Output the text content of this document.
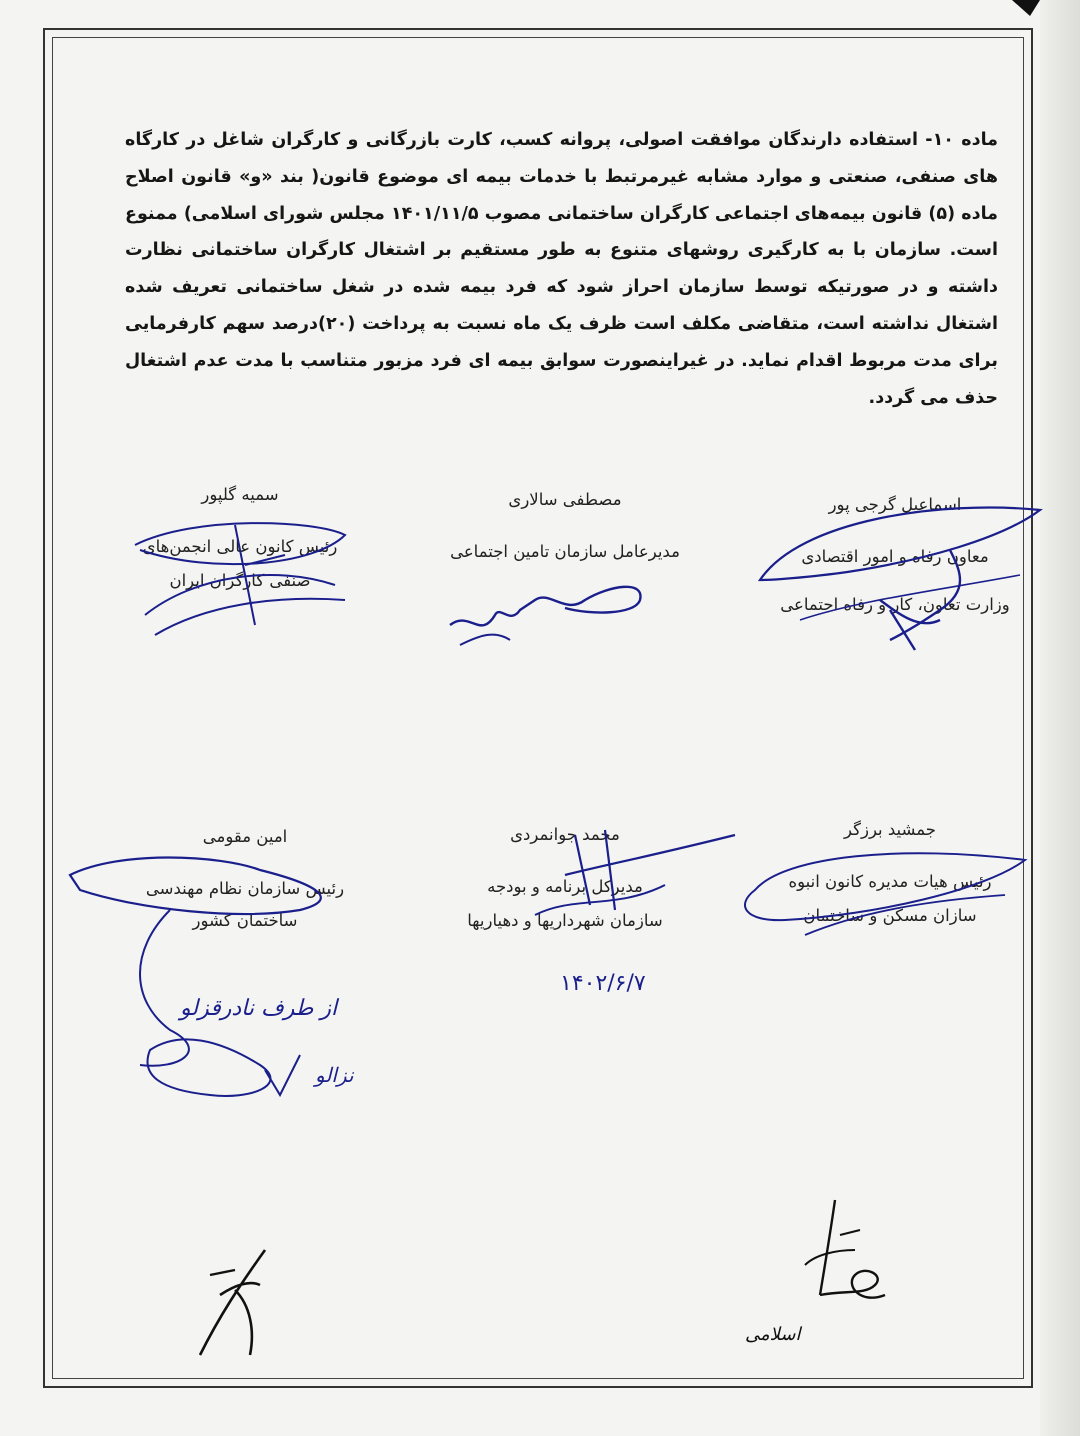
ماده ۱۰- استفاده دارندگان موافقت اصولی، پروانه کسب، کارت بازرگانی و کارگران شاغل در کارگاه های صنفی، صنعتی و موارد مشابه غیرمرتبط با خدمات بیمه ای موضوع قانون( بند «و» قانون اصلاح ماده (۵) قانون بیمه‌های اجتماعی کارگران ساختمانی مصوب ۱۴۰۱/۱۱/۵ مجلس شورای اسلامی) ممنوع است. سازمان با به کارگیری روشهای متنوع به طور مستقیم بر اشتغال کارگران ساختمانی نظارت داشته و در صورتیکه توسط سازمان احراز شود که فرد بیمه شده در شغل ساختمانی تعریف شده اشتغال نداشته است، متقاضی مکلف است ظرف یک ماه نسبت به پرداخت (۲۰)درصد سهم کارفرمایی برای مدت مربوط اقدام نماید. در غیراینصورت سوابق بیمه ای فرد مزبور متناسب با مدت عدم اشتغال حذف می گردد.
اسماعیل گرجی پور
معاون رفاه و امور اقتصادی
وزارت تعاون، کار و رفاه اجتماعی
مصطفی سالاری
مدیرعامل سازمان تامین اجتماعی
سمیه گلپور
رئیس کانون عالی انجمن‌های
صنفی کارگران ایران
جمشید برزگر
رئیس هیات مدیره کانون انبوه
سازان مسکن و ساختمان
محمد جوانمردی
مدیرکل برنامه و بودجه
سازمان شهرداریها و دهیاریها
امین مقومی
رئیس سازمان نظام مهندسی
ساختمان کشور
۱۴۰۲/۶/۷
از طرف نادرقزلو
نزالو
اسلامی
